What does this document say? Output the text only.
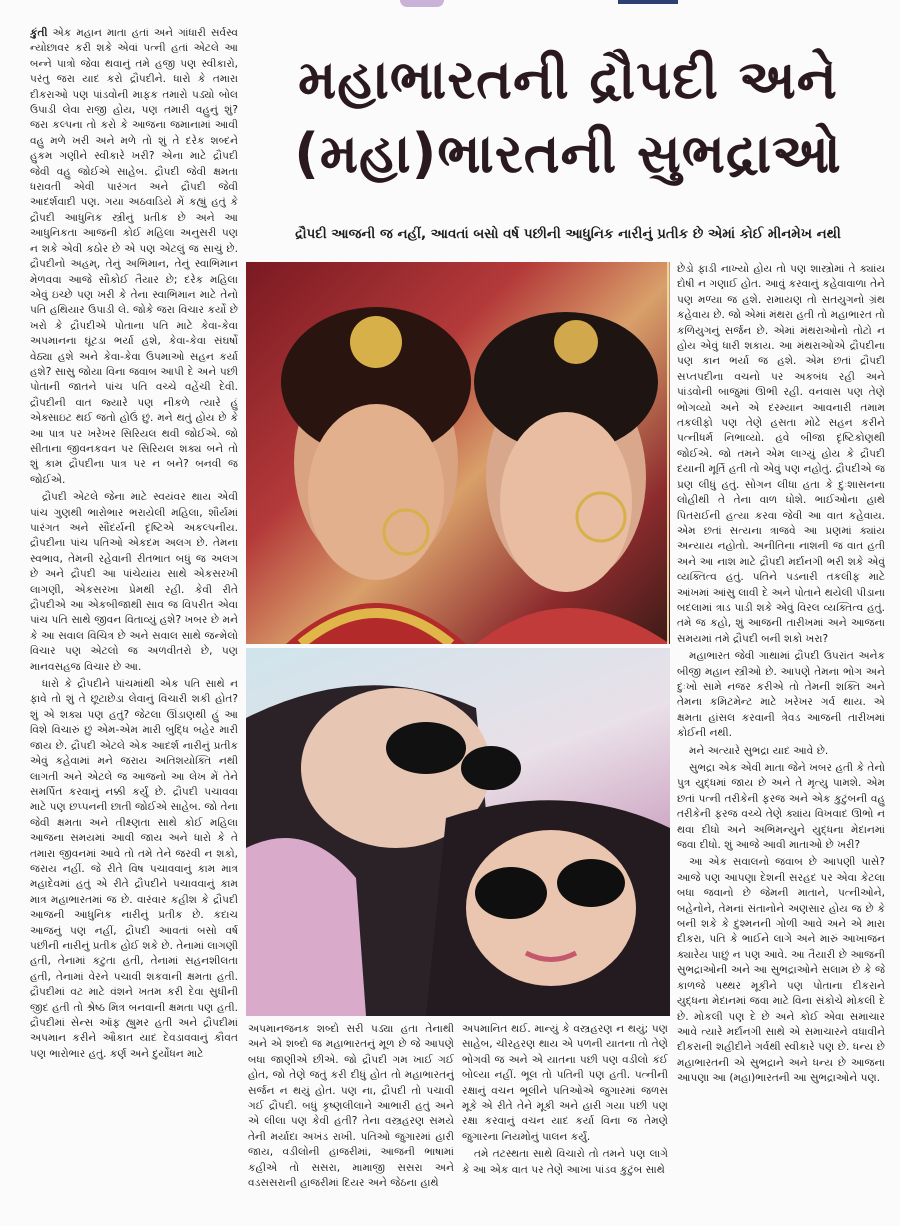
મહાભારતની દ્રૌપદી અને
(મહા)ભારતની સુભદ્રાઓ
દ્રૌપદી આજની જ નહીં, આવતાં બસો વર્ષ પછીની આધુનિક નારીનું પ્રતીક છે એમાં કોઈ મીનમેખ નથી

કુંતી એક મહાન માતા હતાં અને ગાંધારી સર્વસ્વ ન્યોછાવર કરી શકે એવાં પત્ની હતાં એટલે આ બન્ને પાત્રો જેવા થવાનું તમે હજી પણ સ્વીકારો, પરંતુ જરા યાદ કરો દ્રૌપદીને. ધારો કે તમારા દીકરાઓ પણ પાંડવોની માફક તમારો પડ્યો બોલ ઉપાડી લેવા રાજી હોય, પણ તમારી વહુનું શું? જરા કલ્પના તો કરો કે આજના જમાનામાં આવી વહુ મળે ખરી અને મળે તો શું તે દરેક શબ્દને હુકમ ગણીને સ્વીકારે ખરી? એના માટે દ્રૌપદી જેવી વહુ જોઈએ સાહેબ. દ્રૌપદી જેવી ક્ષમતા ધરાવતી એવી પારંગત અને દ્રૌપદી જેવી આદર્શવાદી પણ. ગયા અઠવાડિયે મેં કહ્યું હતું કે દ્રૌપદી આધુનિક સ્ત્રીનું પ્રતીક છે અને આ આધુનિકતા આજની કોઈ મહિલા અનુસરી પણ ન શકે એવી કઠોર છે એ પણ એટલું જ સાચું છે. દ્રૌપદીનો અહમ્, તેનું અભિમાન, તેનું સ્વાભિમાન મેળવવા આજે સૌકોઈ તૈયાર છે; દરેક મહિલા એવું ઇચ્છે પણ ખરી કે તેના સ્વાભિમાન માટે તેનો પતિ હથિયાર ઉપાડી લે. જોકે જરા વિચાર કર્યો છે ખરો કે દ્રૌપદીએ પોતાના પતિ માટે કેવા-કેવા અપમાનના ઘૂંટડા ભર્યા હશે, કેવા-કેવા સંઘર્ષો વેઠ્યા હશે અને કેવા-કેવા ઉપમાઓ સહન કર્યા હશે? સાસુ જોયા વિના જવાબ આપી દે અને પછી પોતાની જાતને પાંચ પતિ વચ્ચે વહેંચી દેવી. દ્રૌપદીની વાત જ્યારે પણ નીકળે ત્યારે હું એક્સાઇટ થઈ જતો હોઉં છું. મને થતું હોય છે કે આ પાત્ર પર ખરેખર સિરિયલ થવી જોઈએ. જો સીતાના જીવનકવન પર સિરિયલ શક્ય બને તો શું કામ દ્રૌપદીના પાત્ર પર ન બને? બનવી જ જોઈએ.

દ્રૌપદી એટલે જેના માટે સ્વયંવર થાય એવી પાંચ ગુણથી ભારોભાર ભરાયેલી મહિલા, શૌર્યમાં પારંગત અને સૌંદર્યની દૃષ્ટિએ અકલ્પનીય. દ્રૌપદીના પાંચ પતિઓ એકદમ અલગ છે. તેમના સ્વભાવ, તેમની રહેવાની રીતભાત બધું જ અલગ છે અને દ્રૌપદી આ પાંચેયાંય સાથે એકસરખી લાગણી, એકસરખા પ્રેમથી રહી. કેવી રીતે દ્રૌપદીએ આ એકબીજાથી સાવ જ વિપરીત એવા પાંચ પતિ સાથે જીવન વિતાવ્યું હશે? ખબર છે મને કે આ સવાલ વિચિત્ર છે અને સવાલ સાથે જન્મેલો વિચાર પણ એટલો જ અળવીતરો છે, પણ માનવસહજ વિચાર છે આ.

ધારો કે દ્રૌપદીને પાંચમાંથી એક પતિ સાથે ન ફાવે તો શું તે છૂટાછેડા લેવાનું વિચારી શકી હોત? શું એ શક્ય પણ હતું? જેટલા ઊંડાણથી હું આ વિશે વિચારું છું એમ-એમ મારી બુદ્ધિ બહેર મારી જાય છે. દ્રૌપદી એટલે એક આદર્શ નારીનું પ્રતીક એવું કહેવામાં મને જરાય અતિશયોક્તિ નથી લાગતી અને એટલે જ આજનો આ લેખ મેં તેને સમર્પિત કરવાનું નક્કી કર્યું છે. દ્રૌપદી પચાવવા માટે પણ છપ્પનની છાતી જોઈએ સાહેબ. જો તેના જેવી ક્ષમતા અને તીક્ષ્ણતા સાથે કોઈ મહિલા આજના સમયમાં આવી જાય અને ધારો કે તે તમારા જીવનમાં આવે તો તમે તેને જરવી ન શકો, જરાય નહીં. જે રીતે વિષ પચાવવાનું કામ માત્ર મહાદેવમાં હતું એ રીતે દ્રૌપદીને પચાવવાનું કામ માત્ર મહાભારતમાં જ છે. વારંવાર કહીશ કે દ્રૌપદી આજની આધુનિક નારીનું પ્રતીક છે. કદાચ આજનું પણ નહીં, દ્રૌપદી આવતાં બસો વર્ષ પછીની નારીનું પ્રતીક હોઈ શકે છે. તેનામાં લાગણી હતી, તેનામાં કટુતા હતી, તેનામાં સહનશીલતા હતી, તેનામાં વેરને પચાવી શકવાની ક્ષમતા હતી. દ્રૌપદીમાં વટ માટે વંશને ખતમ કરી દેવા સુધીની જીદ હતી તો શ્રેષ્ઠ મિત્ર બનવાની ક્ષમતા પણ હતી. દ્રૌપદીમાં સેન્સ ઑફ હ્યુમર હતી અને દ્રૌપદીમાં અપમાન કરીને ઔકાત યાદ દેવડાવવાનું કૌવત પણ ભારોભાર હતું. કર્ણ અને દુર્યોધન માટે

છેડો ફાડી નાખ્યો હોય તો પણ શાસ્ત્રોમાં તે ક્યાંય દોષી ન ગણાઈ હોત. આવું કરવાનું કહેવાવાળા તેને પણ મળ્યા જ હશે. રામાયણ તો સતયુગનો ગ્રંથ કહેવાય છે. જો એમાં મંથરા હતી તો મહાભારત તો કળિયુગનું સર્જન છે. એમાં મંથરાઓનો તોટો ન હોય એવું ધારી શકાય. આ મંથરાઓએ દ્રૌપદીના પણ કાન ભર્યા જ હશે. એમ છતાં દ્રૌપદી સપ્તપદીના વચનો પર અકબંધ રહી અને પાંડવોની બાજુમાં ઊભી રહી. વનવાસ પણ તેણે ભોગવ્યો અને એ દરમ્યાન આવનારી તમામ તકલીફો પણ તેણે હસતા મોઢે સહન કરીને પત્નીધર્મ નિભાવ્યો. હવે બીજા દૃષ્ટિકોણથી જોઈએ. જો તમને એમ લાગ્યું હોય કે દ્રૌપદી દયાની મૂર્તિ હતી તો એવું પણ નહોતું. દ્રૌપદીએ જ પ્રણ લીધું હતું. સોગન લીધા હતા કે દુઃશાસનના લોહીથી તે તેના વાળ ધોશે. ભાઈઓના હાથે પિતરાઈની હત્યા કરવા જેવી આ વાત કહેવાય. એમ છતાં સત્યના ત્રાજવે આ પ્રણમાં ક્યાંય અન્યાય નહોતો. અનીતિના નાશની જ વાત હતી અને આ નાશ માટે દ્રૌપદી મર્દાનગી ભરી શકે એવું વ્યક્તિત્વ હતું. પતિને પડનારી તકલીફ માટે આંખમાં આંસુ લાવી દે અને પોતાને થયેલી પીડાના બદલામાં ત્રાડ પાડી શકે એવું વિરલ વ્યક્તિત્વ હતું. તમે જ કહો, શું આજની તારીખમાં અને આજના સમયમાં તમે દ્રૌપદી બની શકો ખરા?

મહાભારત જેવી ગાથામાં દ્રૌપદી ઉપરાંત અનેક બીજી મહાન સ્ત્રીઓ છે. આપણે તેમના ભોગ અને દુઃખો સામે નજર કરીએ તો તેમની શક્તિ અને તેમના કમિટમેન્ટ માટે ખરેખર ગર્વ થાય. એ ક્ષમતા હાંસલ કરવાની ત્રેવડ આજની તારીખમાં કોઈની નથી.

મને અત્યારે સુભદ્રા યાદ આવે છે.

સુભદ્રા એક એવી માતા જેને ખબર હતી કે તેનો પુત્ર યુદ્ધમાં જાય છે અને તે મૃત્યુ પામશે. એમ છતાં પત્ની તરીકેની ફરજ અને એક કુટુંબની વહુ તરીકેની ફરજ વચ્ચે તેણે ક્યાંય વિખવાદ ઊભો ન થવા દીધો અને અભિમન્યુને યુદ્ધના મેદાનમાં જવા દીધો. શું આજે આવી માતાઓ છે ખરી?

આ એક સવાલનો જવાબ છે આપણી પાસે? આજે પણ આપણા દેશની સરહદ પર એવા કેટલા બધા જવાનો છે જેમની માતાને, પત્નીઓને, બહેનોને, તેમનાં સંતાનોને અણસાર હોય જ છે કે બની શકે કે દુશ્મનની ગોળી આવે અને એ મારા દીકરા, પતિ કે ભાઈને લાગે અને મારું આખાજન ક્યારેય પાછું ન પણ આવે. આ તૈયારી છે આજની સુભદ્રાઓની અને આ સુભદ્રાઓને સલામ છે કે જે કાળજે પથ્થર મૂકીને પણ પોતાના દીકરાને યુદ્ધના મેદાનમાં જવા માટે વિના સંકોચે મોકલી દે છે. મોકલી પણ દે છે અને કોઈ એવા સમાચાર આવે ત્યારે મર્દાનગી સાથે એ સમાચારને વધાવીને દીકરાની શહીદીને ગર્વથી સ્વીકારે પણ છે. ધન્ય છે મહાભારતની એ સુભદ્રાને અને ધન્ય છે આજના આપણા આ (મહા)ભારતની આ સુભદ્રાઓને પણ.

અપમાનજનક શબ્દો સરી પડ્યા હતા તેનાથી અને એ શબ્દો જ મહાભારતનું મૂળ છે જે આપણે બધા જાણીએ છીએ. જો દ્રૌપદી ગમ ખાઈ ગઈ હોત, જો તેણે જતું કરી દીધું હોત તો મહાભારતનું સર્જન ન થયું હોત. પણ ના, દ્રૌપદી તો પચાવી ગઈ દ્રૌપદી. બધું કૃષ્ણલીલાને આભારી હતું અને એ લીલા પણ કેવી હતી? તેના વસ્ત્રહરણ સમયે તેની મર્યાદા અખંડ રાખી. પતિઓ જુગારમાં હારી જાય, વડીલોની હાજરીમાં, આજની ભાષામાં કહીએ તો સસરા, મામાજી સસરા અને વડસસરાની હાજરીમાં દિયર અને જેઠના હાથે

અપમાનિત થઈ. માન્યું કે વસ્ત્રહરણ ન થયું; પણ સાહેબ, ચીરહરણ થાય એ પળની યાતના તો તેણે ભોગવી જ અને એ યાતના પછી પણ વડીલો કંઈ બોલ્યા નહીં. ભૂલ તો પતિની પણ હતી. પત્નીની રક્ષાનું વચન ભૂલીને પતિઓએ જુગારમાં જળસ મૂકે એ રીતે તેને મૂકી અને હારી ગયા પછી પણ રક્ષા કરવાનું વચન યાદ કર્યા વિના જ તેમણે જુગારના નિયમોનું પાલન કર્યું.

તમે તટસ્થતા સાથે વિચારો તો તમને પણ લાગે કે આ એક વાત પર તેણે આખા પાંડવ કુટુંબ સાથે
